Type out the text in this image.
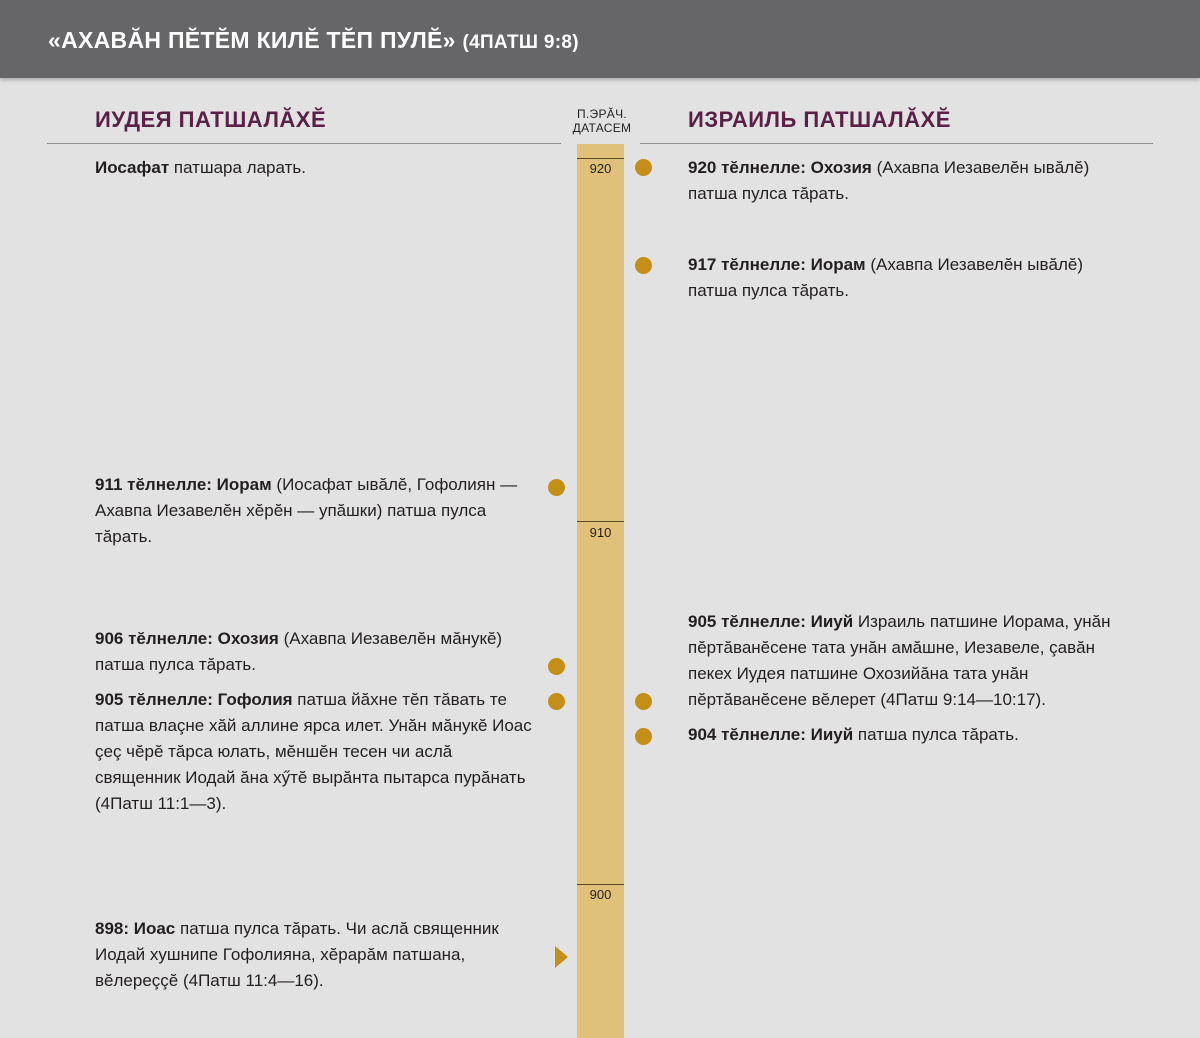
«АХАВĂН ПĔТĔМ КИЛĔ ТĔП ПУЛĔ» (4ПАТШ 9:8)
ИУДЕЯ ПАТШАЛĂХĔ	ИЗРАИЛЬ ПАТШАЛĂХĔ
П.ЭРĂЧ.
ДАТАСЕМ
920
910
900
Иосафат патшара ларать.
911 тĕлнелле: Иорам (Иосафат ывăлĕ, Гофолиян — Ахавпа Иезавелĕн хĕрĕн — упăшки) патша пулса тăрать.
906 тĕлнелле: Охозия (Ахавпа Иезавелĕн мăнукĕ) патша пулса тăрать.
905 тĕлнелле: Гофолия патша йăхне тĕп тăвать те патша влаçне хăй аллине ярса илет. Унăн мăнукĕ Иоас çеç чĕрĕ тăрса юлать, мĕншĕн тесен чи аслă священник Иодай ăна хӳтĕ вырăнта пытарса пурăнать (4Патш 11:1—3).
898: Иоас патша пулса тăрать. Чи аслă священник Иодай хушнипе Гофолияна, хĕрарăм патшана, вĕлереççĕ (4Патш 11:4—16).
920 тĕлнелле: Охозия (Ахавпа Иезавелĕн ывăлĕ) патша пулса тăрать.
917 тĕлнелле: Иорам (Ахавпа Иезавелĕн ывăлĕ) патша пулса тăрать.
905 тĕлнелле: Ииуй Израиль патшине Иорама, унăн пĕртăванĕсене тата унăн амăшне, Иезавеле, çавăн пекех Иудея патшине Охозийăна тата унăн пĕртăванĕсене вĕлерет (4Патш 9:14—10:17).
904 тĕлнелле: Ииуй патша пулса тăрать.
